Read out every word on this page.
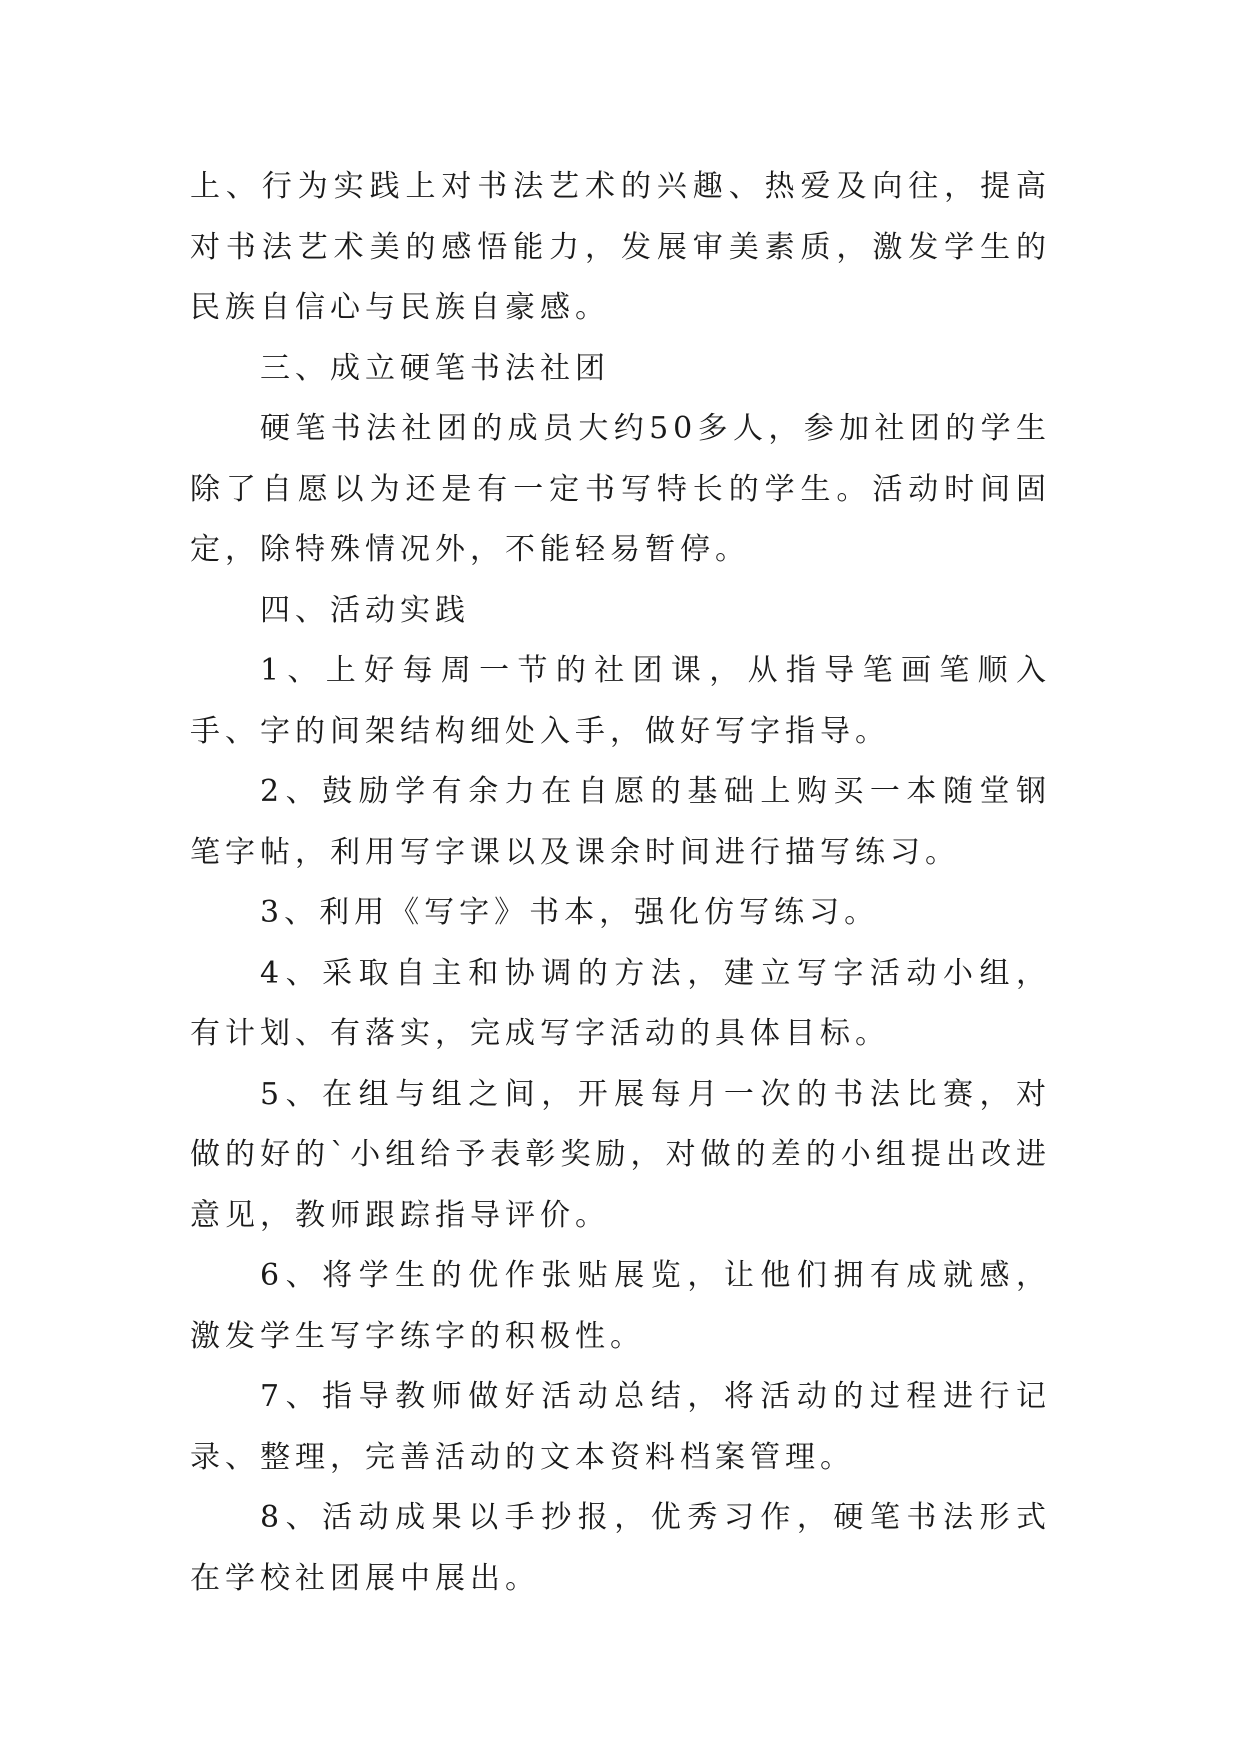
上、行为实践上对书法艺术的兴趣、热爱及向往，提高对书法艺术美的感悟能力，发展审美素质，激发学生的民族自信心与民族自豪感。

三、成立硬笔书法社团

硬笔书法社团的成员大约50多人，参加社团的学生除了自愿以为还是有一定书写特长的学生。活动时间固定，除特殊情况外，不能轻易暂停。

四、活动实践

1、上好每周一节的社团课，从指导笔画笔顺入手、字的间架结构细处入手，做好写字指导。

2、鼓励学有余力在自愿的基础上购买一本随堂钢笔字帖，利用写字课以及课余时间进行描写练习。

3、利用《写字》书本，强化仿写练习。

4、采取自主和协调的方法，建立写字活动小组，有计划、有落实，完成写字活动的具体目标。

5、在组与组之间，开展每月一次的书法比赛，对做的好的`小组给予表彰奖励，对做的差的小组提出改进意见，教师跟踪指导评价。

6、将学生的优作张贴展览，让他们拥有成就感，激发学生写字练字的积极性。

7、指导教师做好活动总结，将活动的过程进行记录、整理，完善活动的文本资料档案管理。

8、活动成果以手抄报，优秀习作，硬笔书法形式在学校社团展中展出。
